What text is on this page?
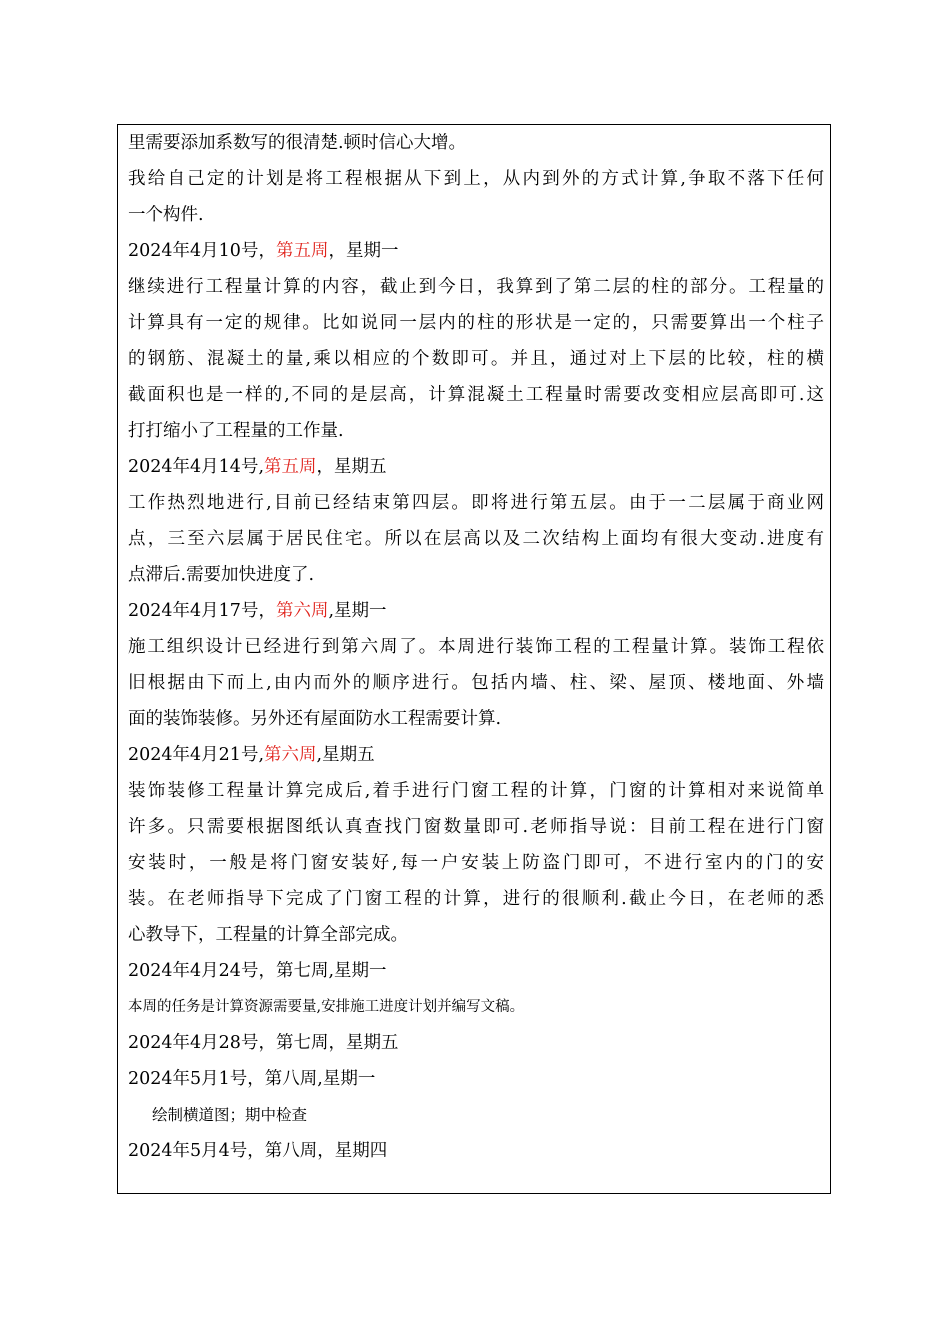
里需要添加系数写的很清楚.顿时信心大增。
我给自己定的计划是将工程根据从下到上，从内到外的方式计算,争取不落下任何
一个构件.
2024年4月10号，第五周，星期一
继续进行工程量计算的内容，截止到今日，我算到了第二层的柱的部分。工程量的
计算具有一定的规律。比如说同一层内的柱的形状是一定的，只需要算出一个柱子
的钢筋、混凝土的量,乘以相应的个数即可。并且，通过对上下层的比较，柱的横
截面积也是一样的,不同的是层高，计算混凝土工程量时需要改变相应层高即可.这
打打缩小了工程量的工作量.
2024年4月14号,第五周，星期五
工作热烈地进行,目前已经结束第四层。即将进行第五层。由于一二层属于商业网
点，三至六层属于居民住宅。所以在层高以及二次结构上面均有很大变动.进度有
点滞后.需要加快进度了.
2024年4月17号，第六周,星期一
施工组织设计已经进行到第六周了。本周进行装饰工程的工程量计算。装饰工程依
旧根据由下而上,由内而外的顺序进行。包括内墙、柱、梁、屋顶、楼地面、外墙
面的装饰装修。另外还有屋面防水工程需要计算.
2024年4月21号,第六周,星期五
装饰装修工程量计算完成后,着手进行门窗工程的计算，门窗的计算相对来说简单
许多。只需要根据图纸认真查找门窗数量即可.老师指导说：目前工程在进行门窗
安装时，一般是将门窗安装好,每一户安装上防盗门即可，不进行室内的门的安
装。在老师指导下完成了门窗工程的计算，进行的很顺利.截止今日，在老师的悉
心教导下，工程量的计算全部完成。
2024年4月24号，第七周,星期一
本周的任务是计算资源需要量,安排施工进度计划并编写文稿。
2024年4月28号，第七周，星期五
2024年5月1号，第八周,星期一
绘制横道图；期中检查
2024年5月4号，第八周，星期四
